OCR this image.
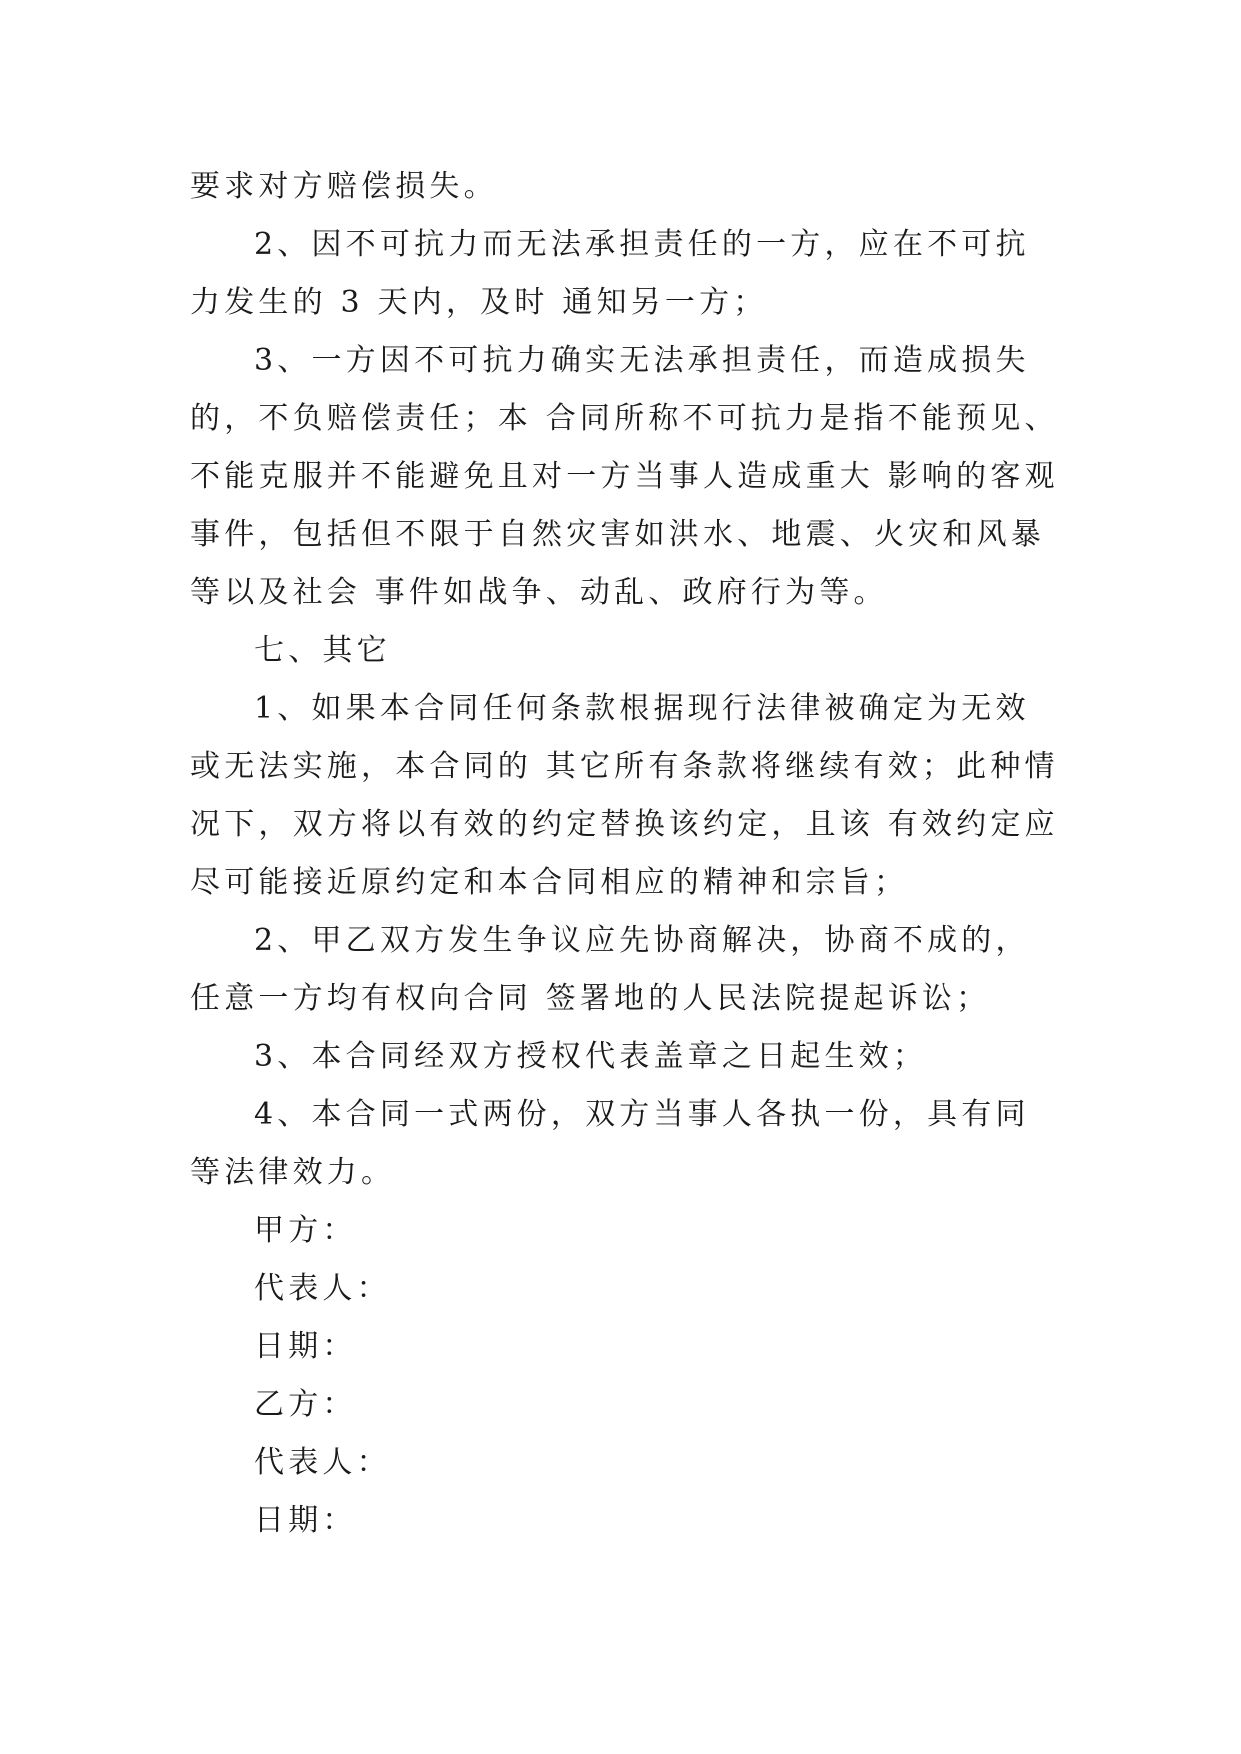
要求对方赔偿损失。

2、因不可抗力而无法承担责任的一方，应在不可抗力发生的 3 天内，及时 通知另一方；

3、一方因不可抗力确实无法承担责任，而造成损失的，不负赔偿责任；本 合同所称不可抗力是指不能预见、 不能克服并不能避免且对一方当事人造成重大 影响的客观事件，包括但不限于自然灾害如洪水、地震、火灾和风暴等以及社会 事件如战争、动乱、政府行为等。

七、其它

1、如果本合同任何条款根据现行法律被确定为无效或无法实施，本合同的 其它所有条款将继续有效；此种情况下，双方将以有效的约定替换该约定，且该 有效约定应尽可能接近原约定和本合同相应的精神和宗旨；

2、甲乙双方发生争议应先协商解决，协商不成的，任意一方均有权向合同 签署地的人民法院提起诉讼；

3、本合同经双方授权代表盖章之日起生效；

4、本合同一式两份，双方当事人各执一份，具有同等法律效力。

甲方：

代表人：

日期：

乙方：

代表人：

日期：
